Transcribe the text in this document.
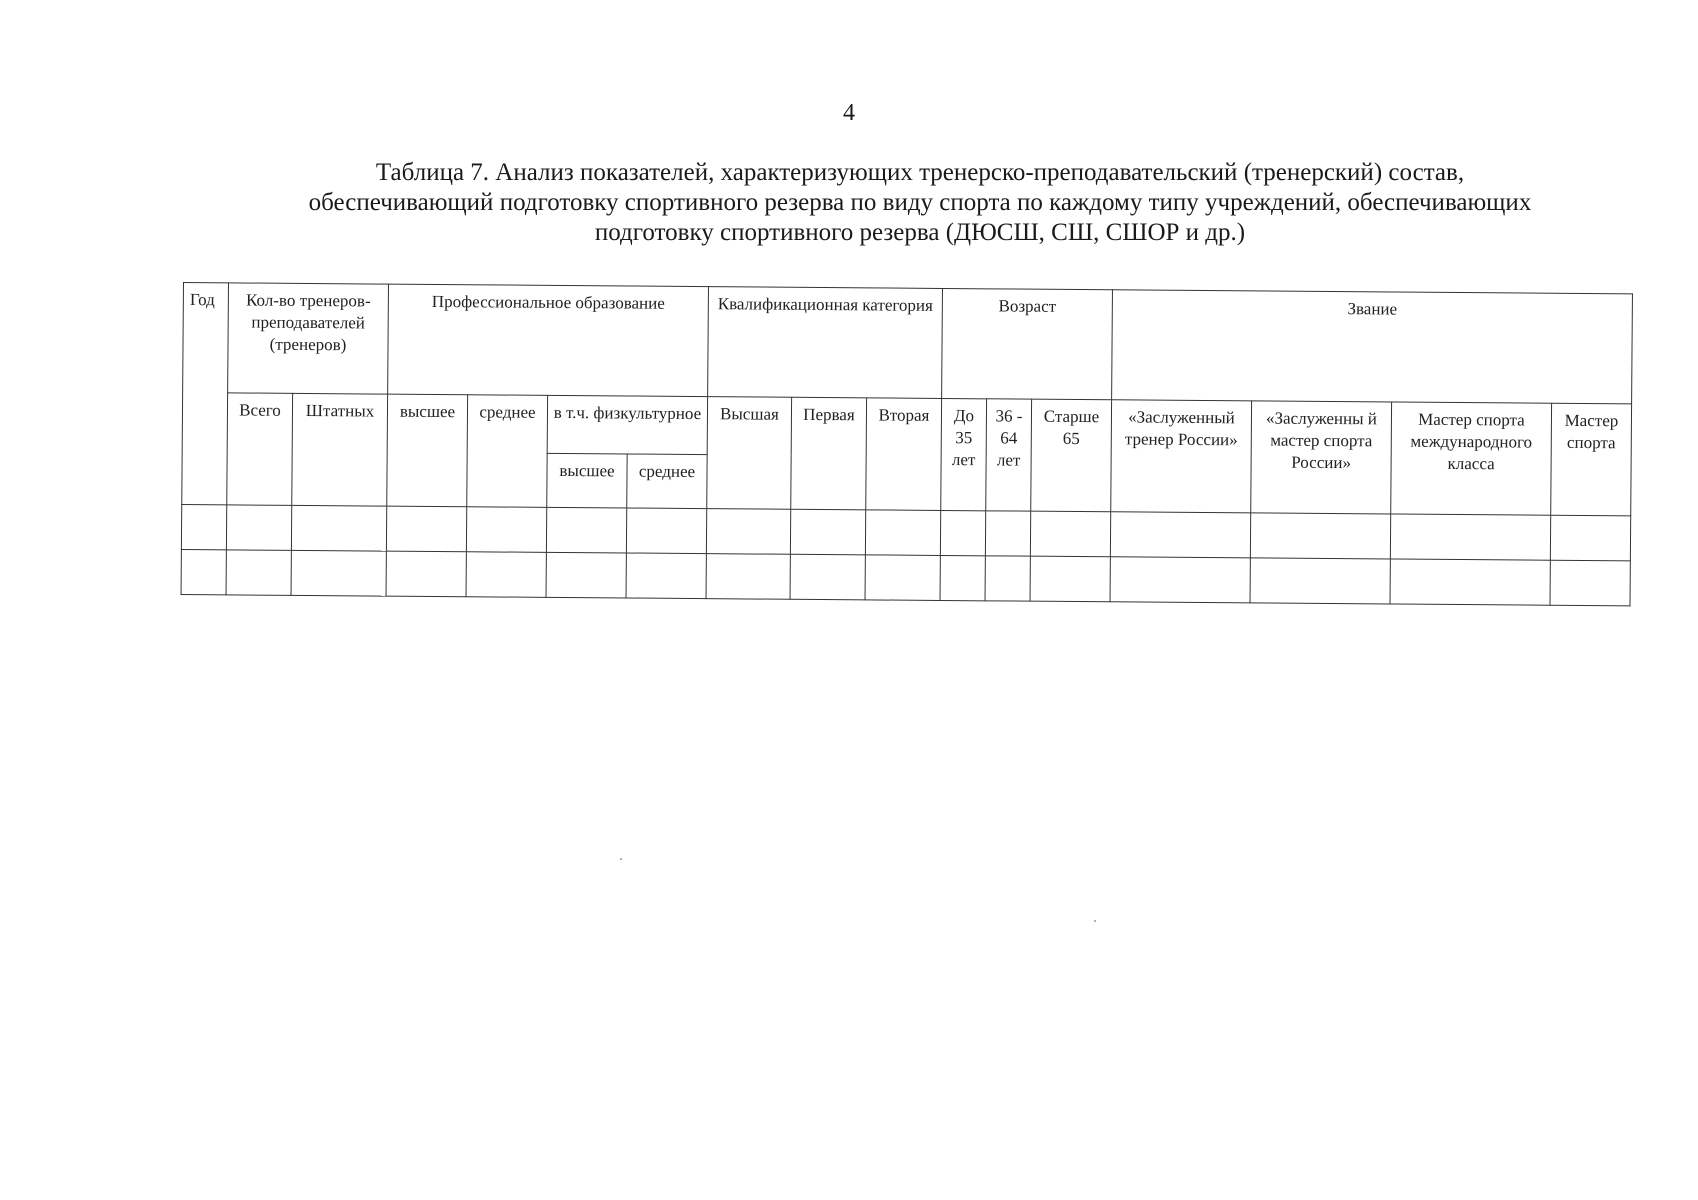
4
Таблица 7. Анализ показателей, характеризующих тренерско-преподавательский (тренерский) состав,
обеспечивающий подготовку спортивного резерва по виду спорта по каждому типу учреждений, обеспечивающих
подготовку спортивного резерва (ДЮСШ, СШ, СШОР и др.)
Год	Кол-во тренеров-преподавателей (тренеров)		Профессиональное образование				Квалификационная категория			Возраст			Звание			
	Всего	Штатных	высшее	среднее	в т.ч. физкультурное		Высшая	Первая	Вторая	До 35 лет	36 - 64 лет	Старше 65	«Заслуженный тренер России»	«Заслуженны й мастер спорта России»	Мастер спорта международного класса	Мастер спорта
					высшее	среднее										
